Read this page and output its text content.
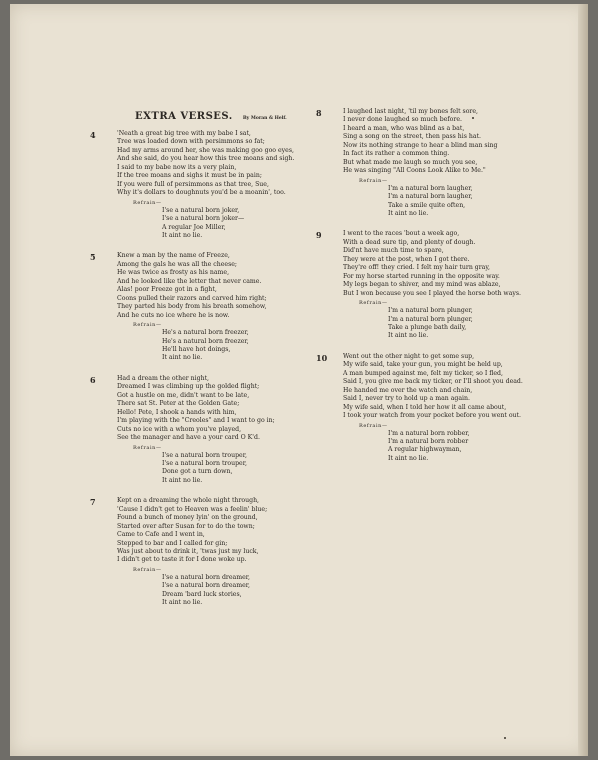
EXTRA VERSES. By Moran & Helf.
4	'Neath a great big tree with my babe I sat,
Tree was loaded down with persimmons so fat;
Had my arms around her, she was making goo goo eyes,
And she said, do you hear how this tree moans and sigh.
I said to my babe now its a very plain,
If the tree moans and sighs it must be in pain;
If you were full of persimmons as that tree, Sue,
Why it's dollars to doughnuts you'd be a moanin', too.
Refrain—
I'se a natural born joker,
I'se a natural born joker—
A regular Joe Miller,
It aint no lie.
5	Knew a man by the name of Freeze,
Among the gals he was all the cheese;
He was twice as frosty as his name,
And he looked like the letter that never came.
Alas! poor Freeze got in a fight,
Coons pulled their razors and carved him right;
They parted his body from his breath somehow,
And he cuts no ice where he is now.
Refrain—
He's a natural born freezer,
He's a natural born freezer,
He'll have hot doings,
It aint no lie.
6	Had a dream the other night,
Dreamed I was climbing up the golded flight;
Got a hustle on me, didn't want to be late,
There sat St. Peter at the Golden Gate;
Hello! Pete, I shook a hands with him,
I'm playing with the "Creoles" and I want to go in;
Cuts no ice with a whom you've played,
See the manager and have a your card O K'd.
Refrain—
I'se a natural born trouper,
I'se a natural born trouper,
Done got a turn down,
It aint no lie.
7	Kept on a dreaming the whole night through,
'Cause I didn't get to Heaven was a feelin' blue;
Found a bunch of money lyin' on the ground,
Started over after Susan for to do the town;
Came to Cafe and I went in,
Stepped to bar and I called for gin;
Was just about to drink it, 'twas just my luck,
I didn't get to taste it for I done woke up.
Refrain—
I'se a natural born dreamer,
I'se a natural born dreamer,
Dream 'bard luck stories,
It aint no lie.
8	I laughed last night, 'til my bones felt sore,
I never done laughed so much before.
I heard a man, who was blind as a bat,
Sing a song on the street, then pass his hat.
Now its nothing strange to hear a blind man sing
In fact its rather a common thing.
But what made me laugh so much you see,
He was singing "All Coons Look Alike to Me."
Refrain—
I'm a natural born laugher,
I'm a natural born laugher,
Take a smile quite often,
It aint no lie.
9	I went to the races 'bout a week ago,
With a dead sure tip, and plenty of dough.
Did'nt have much time to spare,
They were at the post, when I got there.
They're off! they cried. I felt my hair turn gray,
For my horse started running in the opposite way.
My legs began to shiver, and my mind was ablaze,
But I won because you see I played the horse both ways.
Refrain—
I'm a natural born plunger,
I'm a natural born plunger,
Take a plunge bath daily,
It aint no lie.
10	Went out the other night to get some sup,
My wife said, take your gun, you might be held up,
A man bumped against me, felt my ticker, so I fled,
Said I, you give me back my ticker, or I'll shoot you dead.
He handed me over the watch and chain,
Said I, never try to hold up a man again.
My wife said, when I told her how it all came about,
I took your watch from your pocket before you went out.
Refrain—
I'm a natural born robber,
I'm a natural born robber
A regular highwayman,
It aint no lie.
